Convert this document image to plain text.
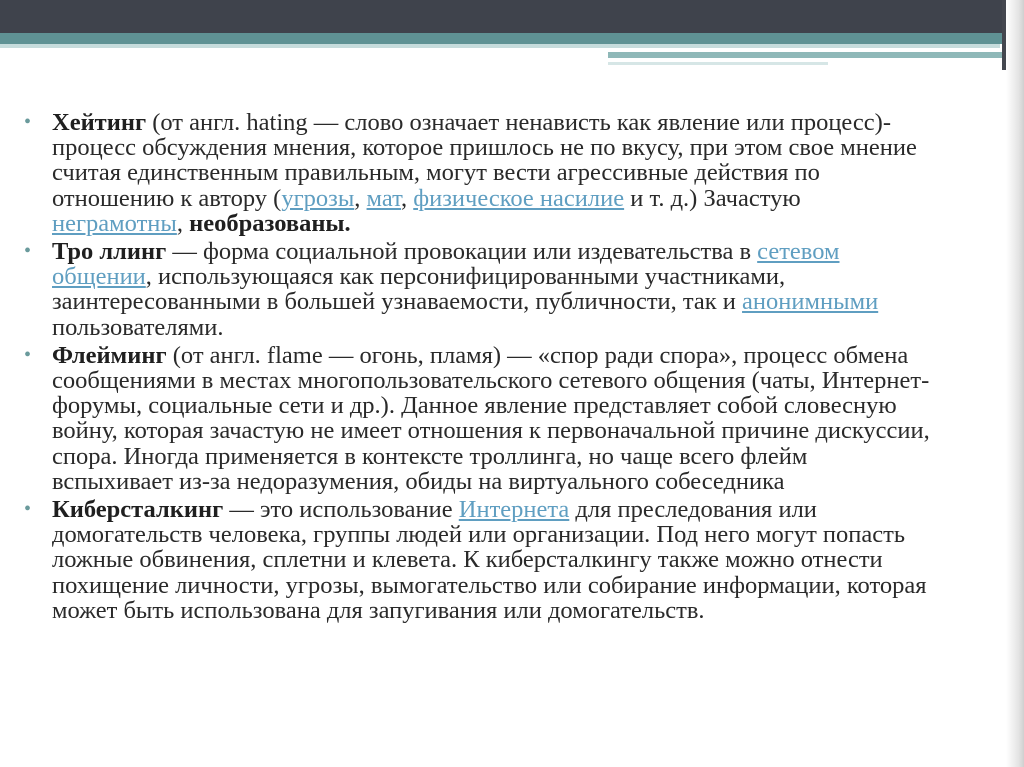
• Хейтинг (от англ. hating — слово означает ненависть как явление или процесс)- процесс обсуждения мнения, которое пришлось не по вкусу, при этом свое мнение считая единственным правильным, могут вести агрессивные действия по отношению к автору (угрозы, мат, физическое насилие и т. д.) Зачастую неграмотны, необразованы.
• Тро ллинг — форма социальной провокации или издевательства в сетевом общении, использующаяся как персонифицированными участниками, заинтересованными в большей узнаваемости, публичности, так и анонимными пользователями.
• Флейминг (от англ. flame — огонь, пламя) — «спор ради спора», процесс обмена сообщениями в местах многопользовательского сетевого общения (чаты, Интернет-форумы, социальные сети и др.). Данное явление представляет собой словесную войну, которая зачастую не имеет отношения к первоначальной причине дискуссии, спора. Иногда применяется в контексте троллинга, но чаще всего флейм вспыхивает из-за недоразумения, обиды на виртуального собеседника
• Киберсталкинг — это использование Интернета для преследования или домогательств человека, группы людей или организации. Под него могут попасть ложные обвинения, сплетни и клевета. К киберсталкингу также можно отнести похищение личности, угрозы, вымогательство или собирание информации, которая может быть использована для запугивания или домогательств.
